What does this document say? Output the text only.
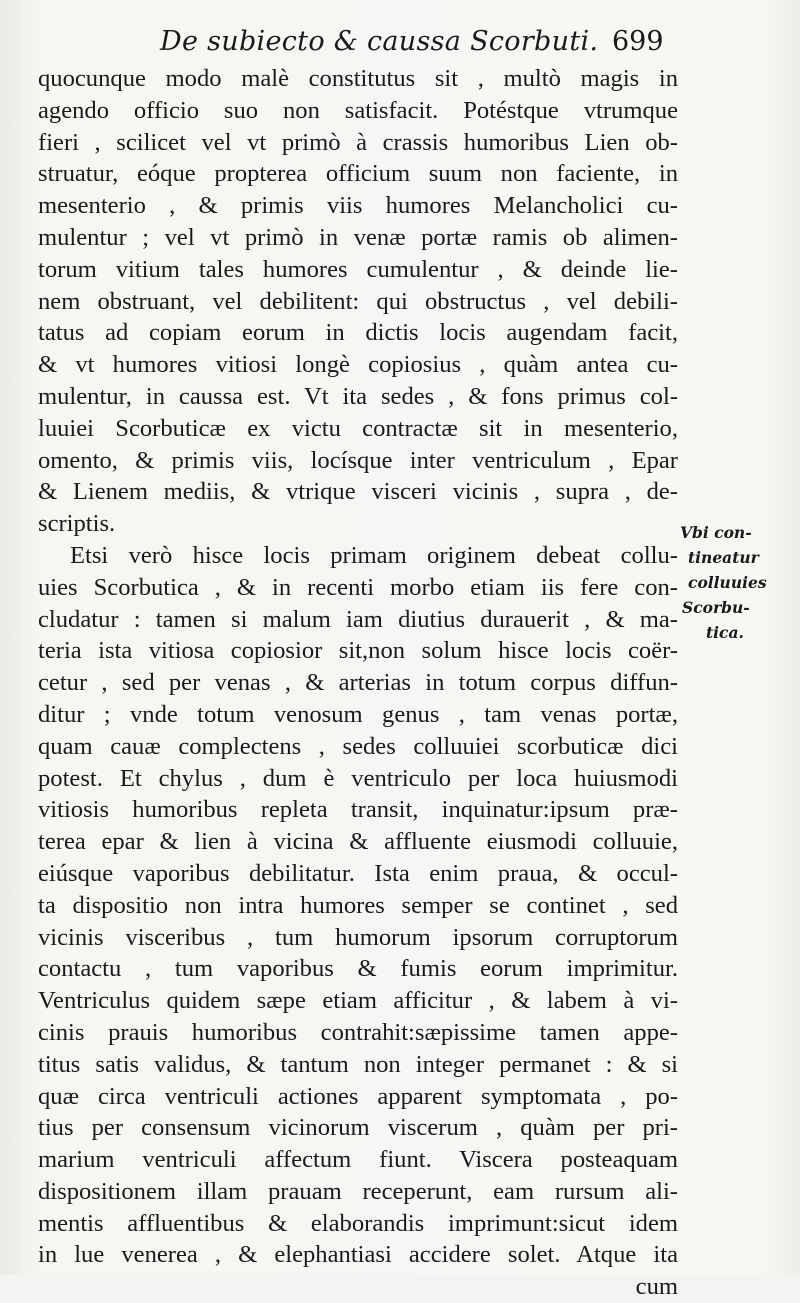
De subiecto & caussa Scorbuti. 699
quocunque modo malè constitutus sit , multò magis in
agendo officio suo non satisfacit. Potéstque vtrumque
fieri , scilicet vel vt primò à crassis humoribus Lien ob-
struatur, eóque propterea officium suum non faciente, in
mesenterio , & primis viis humores Melancholici cu-
mulentur ; vel vt primò in venæ portæ ramis ob alimen-
torum vitium tales humores cumulentur , & deinde lie-
nem obstruant, vel debilitent: qui obstructus , vel debili-
tatus ad copiam eorum in dictis locis augendam facit,
& vt humores vitiosi longè copiosius , quàm antea cu-
mulentur, in caussa est. Vt ita sedes , & fons primus col-
luuiei Scorbuticæ ex victu contractæ sit in mesenterio,
omento, & primis viis, locísque inter ventriculum , Epar
& Lienem mediis, & vtrique visceri vicinis , supra , de-
scriptis.
Etsi verò hisce locis primam originem debeat collu-
uies Scorbutica , & in recenti morbo etiam iis fere con-
cludatur : tamen si malum iam diutius durauerit , & ma-
teria ista vitiosa copiosior sit,non solum hisce locis coër-
cetur , sed per venas , & arterias in totum corpus diffun-
ditur ; vnde totum venosum genus , tam venas portæ,
quam cauæ complectens , sedes colluuiei scorbuticæ dici
potest. Et chylus , dum è ventriculo per loca huiusmodi
vitiosis humoribus repleta transit, inquinatur:ipsum præ-
terea epar & lien à vicina & affluente eiusmodi colluuie,
eiúsque vaporibus debilitatur. Ista enim praua, & occul-
ta dispositio non intra humores semper se continet , sed
vicinis visceribus , tum humorum ipsorum corruptorum
contactu , tum vaporibus & fumis eorum imprimitur.
Ventriculus quidem sæpe etiam afficitur , & labem à vi-
cinis prauis humoribus contrahit:sæpissime tamen appe-
titus satis validus, & tantum non integer permanet : & si
quæ circa ventriculi actiones apparent symptomata , po-
tius per consensum vicinorum viscerum , quàm per pri-
marium ventriculi affectum fiunt. Viscera posteaquam
dispositionem illam prauam receperunt, eam rursum ali-
mentis affluentibus & elaborandis imprimunt:sicut idem
in lue venerea , & elephantiasi accidere solet. Atque ita
cum
Vbi con-
tineatur
colluuies
Scorbu-
tica.
